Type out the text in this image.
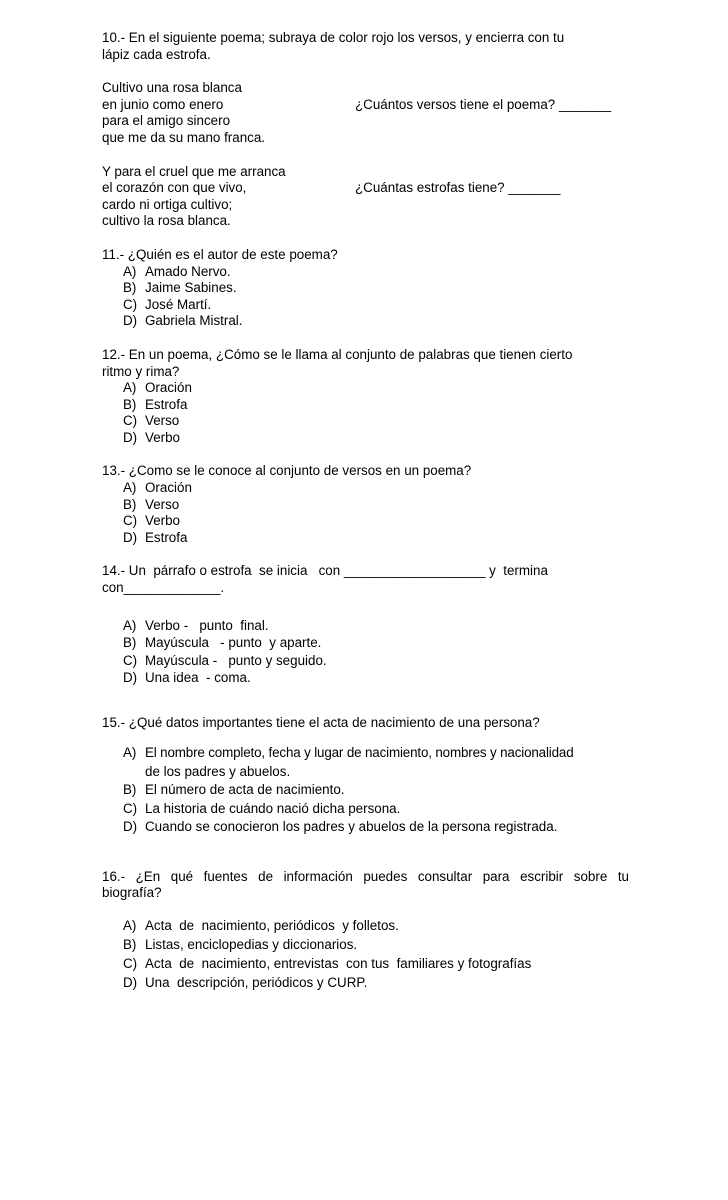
10.- En el siguiente poema; subraya de color rojo los versos, y encierra con tu

lápiz cada estrofa.

Cultivo una rosa blanca
en junio como enero	¿Cuántos versos tiene el poema? _______
para el amigo sincero
que me da su mano franca.
Y para el cruel que me arranca
el corazón con que vivo,	¿Cuántas estrofas tiene? _______
cardo ni ortiga cultivo;
cultivo la rosa blanca.

11.- ¿Quién es el autor de este poema?

A) Amado Nervo.
B) Jaime Sabines.
C) José Martí.
D) Gabriela Mistral.

12.- En un poema, ¿Cómo se le llama al conjunto de palabras que tienen cierto

ritmo y rima?

A) Oración
B) Estrofa
C) Verso
D) Verbo

13.- ¿Como se le conoce al conjunto de versos en un poema?

A) Oración
B) Verso
C) Verbo
D) Estrofa

14.- Un  párrafo o estrofa  se inicia   con ___________________ y  termina

con_____________.

A) Verbo -   punto  final.
B) Mayúscula   - punto  y aparte.
C) Mayúscula -   punto y seguido.
D) Una idea  - coma.

15.- ¿Qué datos importantes tiene el acta de nacimiento de una persona?

A) El nombre completo, fecha y lugar de nacimiento, nombres y nacionalidad
de los padres y abuelos.
B) El número de acta de nacimiento.
C) La historia de cuándo nació dicha persona.
D) Cuando se conocieron los padres y abuelos de la persona registrada.

16.- ¿En qué fuentes de información puedes consultar para escribir sobre tu

biografía?

A) Acta  de  nacimiento, periódicos  y folletos.
B) Listas, enciclopedias y diccionarios.
C) Acta  de  nacimiento, entrevistas  con tus  familiares y fotografías
D) Una  descripción, periódicos y CURP.
